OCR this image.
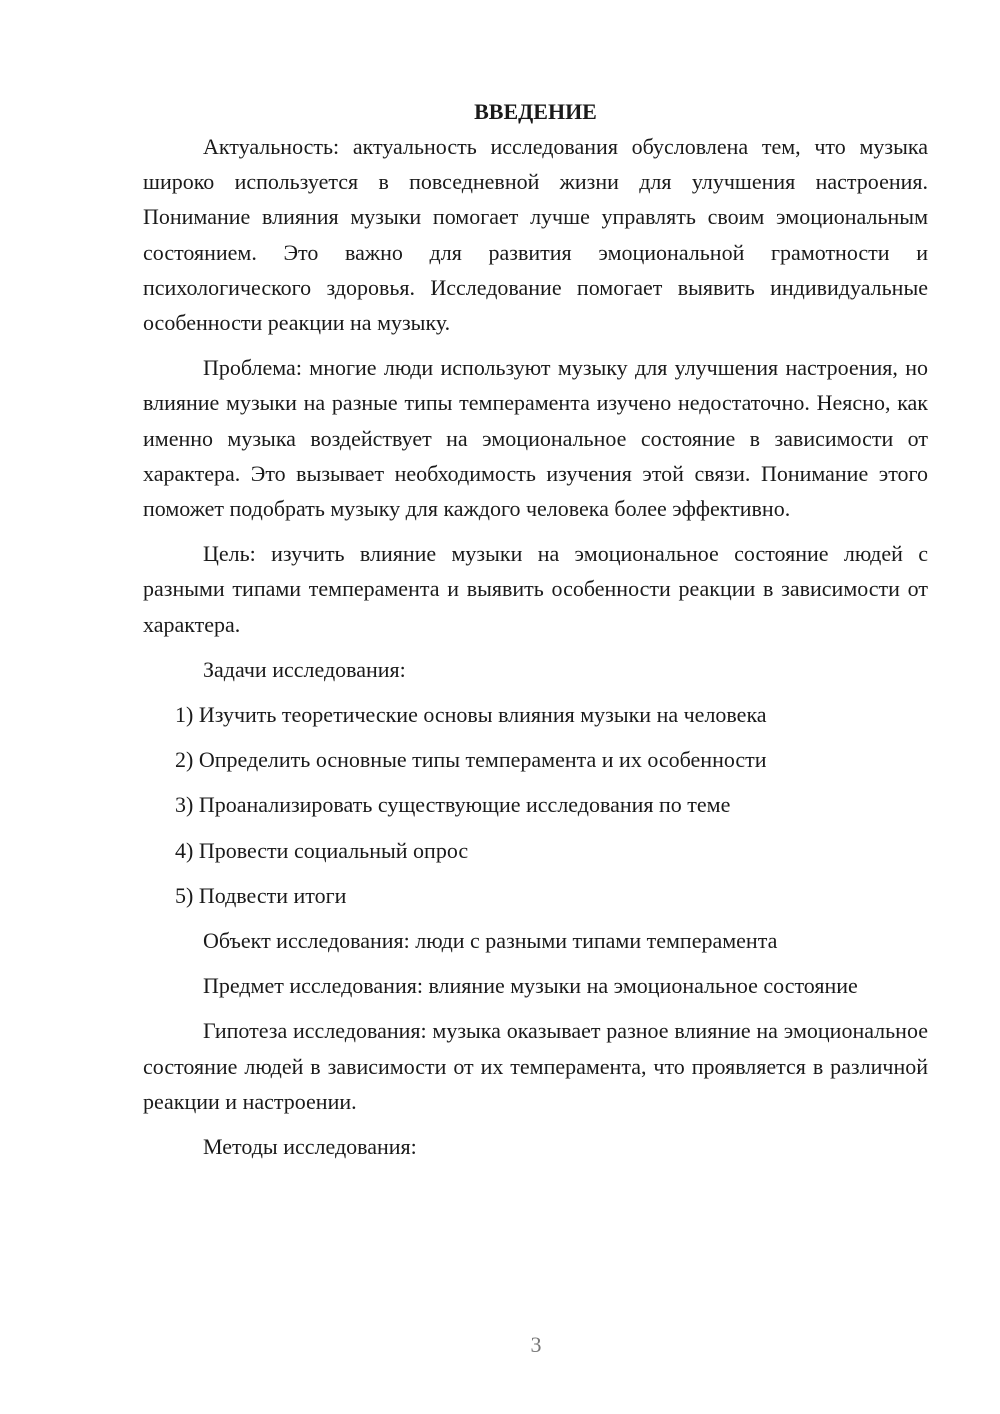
ВВЕДЕНИЕ

Актуальность: актуальность исследования обусловлена тем, что музыка широко используется в повседневной жизни для улучшения настроения. Понимание влияния музыки помогает лучше управлять своим эмоциональным состоянием. Это важно для развития эмоциональной грамотности и психологического здоровья. Исследование помогает выявить индивидуальные особенности реакции на музыку.

Проблема: многие люди используют музыку для улучшения настроения, но влияние музыки на разные типы темперамента изучено недостаточно. Неясно, как именно музыка воздействует на эмоциональное состояние в зависимости от характера. Это вызывает необходимость изучения этой связи. Понимание этого поможет подобрать музыку для каждого человека более эффективно.

Цель: изучить влияние музыки на эмоциональное состояние людей с разными типами темперамента и выявить особенности реакции в зависимости от характера.

Задачи исследования:

1) Изучить теоретические основы влияния музыки на человека

2) Определить основные типы темперамента и их особенности

3) Проанализировать существующие исследования по теме

4) Провести социальный опрос

5) Подвести итоги

Объект исследования: люди с разными типами темперамента

Предмет исследования: влияние музыки на эмоциональное состояние

Гипотеза исследования: музыка оказывает разное влияние на эмоциональное состояние людей в зависимости от их темперамента, что проявляется в различной реакции и настроении.

Методы исследования:

3
